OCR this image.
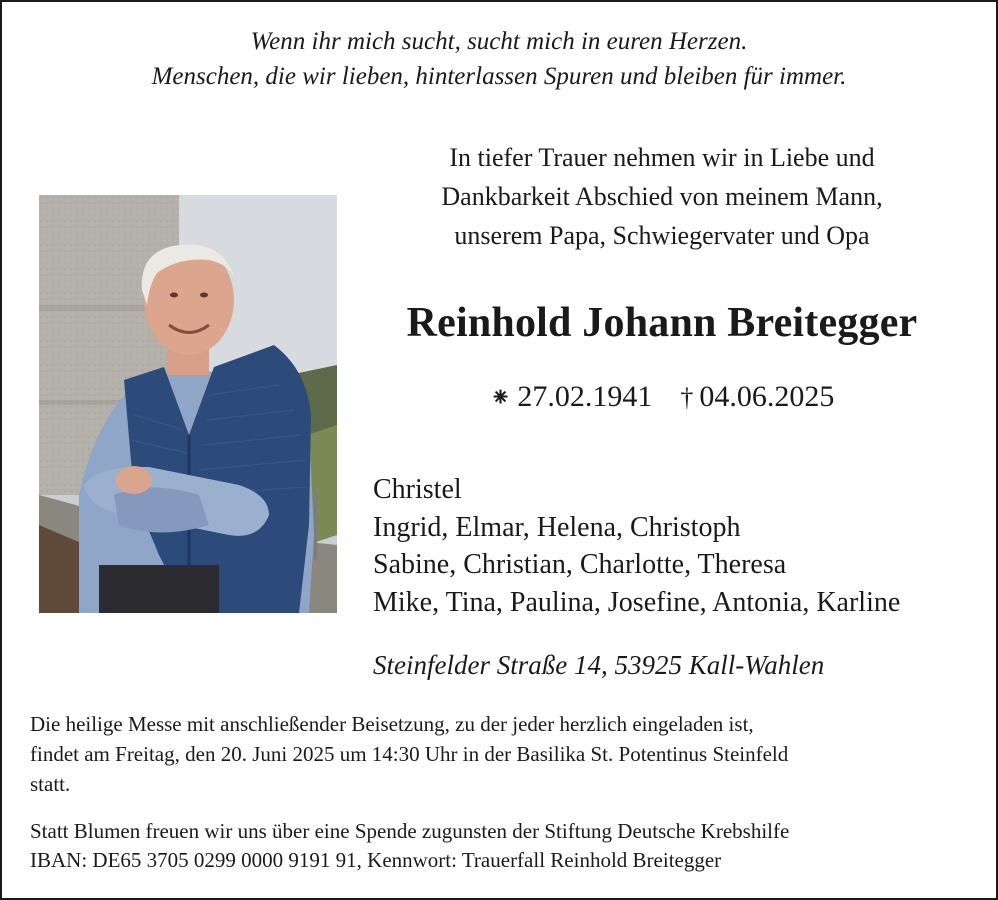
Wenn ihr mich sucht, sucht mich in euren Herzen.
Menschen, die wir lieben, hinterlassen Spuren und bleiben für immer.
In tiefer Trauer nehmen wir in Liebe und
Dankbarkeit Abschied von meinem Mann,
unserem Papa, Schwiegervater und Opa
Reinhold Johann Breitegger
⁕ 27.02.1941 † 04.06.2025
Christel
Ingrid, Elmar, Helena, Christoph
Sabine, Christian, Charlotte, Theresa
Mike, Tina, Paulina, Josefine, Antonia, Karline
Steinfelder Straße 14, 53925 Kall-Wahlen
Die heilige Messe mit anschließender Beisetzung, zu der jeder herzlich eingeladen ist,
findet am Freitag, den 20. Juni 2025 um 14:30 Uhr in der Basilika St. Potentinus Steinfeld
statt.
Statt Blumen freuen wir uns über eine Spende zugunsten der Stiftung Deutsche Krebshilfe
IBAN: DE65 3705 0299 0000 9191 91, Kennwort: Trauerfall Reinhold Breitegger
